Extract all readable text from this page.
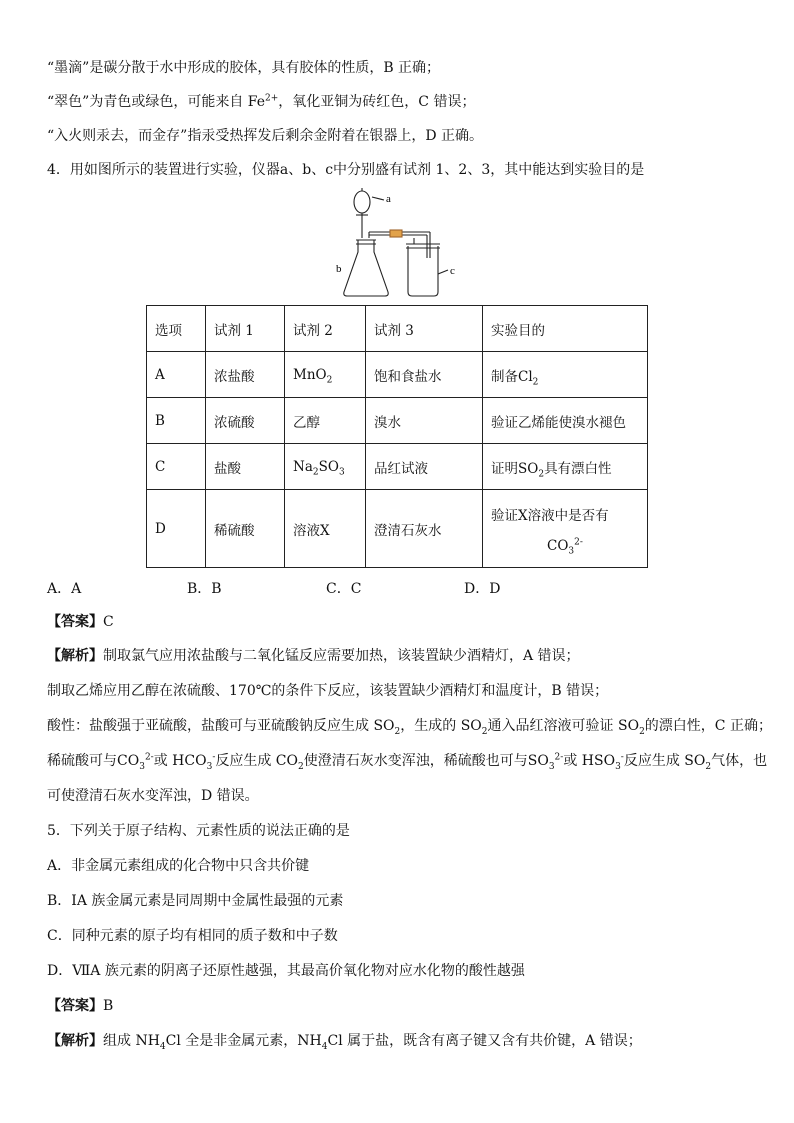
“墨滴”是碳分散于水中形成的胶体，具有胶体的性质，B 正确；
“翠色”为青色或绿色，可能来自 $Fe^{2+}$，氧化亚铜为砖红色，C 错误；
“入火则汞去，而金存”指汞受热挥发后剩余金附着在银器上，D 正确。
4．用如图所示的装置进行实验，仪器a、b、c中分别盛有试剂 1、2、3，其中能达到实验目的是
a
b	c
选项	试剂 1	试剂 2	试剂 3	实验目的
A	浓盐酸	MnO$_2$	饱和食盐水	制备$Cl_2$
B	浓硫酸	乙醇	溴水	验证乙烯能使溴水褪色
C	盐酸	$Na_2SO_3$	品红试液	证明$SO_2$具有漂白性
D	稀硫酸	溶液X	澄清石灰水	验证X溶液中是否有
$CO_3^{2-}$
A．A	B．B	C．C	D．D
【答案】C
【解析】制取氯气应用浓盐酸与二氧化锰反应需要加热，该装置缺少酒精灯，A 错误；
制取乙烯应用乙醇在浓硫酸、170℃的条件下反应，该装置缺少酒精灯和温度计，B 错误；
酸性：盐酸强于亚硫酸，盐酸可与亚硫酸钠反应生成 $SO_2$，生成的 $SO_2$通入品红溶液可验证 $SO_2$的漂白性，C 正确；
稀硫酸可与$CO_3^{2-}$或 $HCO_3^-$反应生成 $CO_2$使澄清石灰水变浑浊，稀硫酸也可与$SO_3^{2-}$或 $HSO_3^-$反应生成 $SO_2$气体，也
可使澄清石灰水变浑浊，D 错误。
5．下列关于原子结构、元素性质的说法正确的是
A．非金属元素组成的化合物中只含共价键
B．ⅠA 族金属元素是同周期中金属性最强的元素
C．同种元素的原子均有相同的质子数和中子数
D．ⅦA 族元素的阴离子还原性越强，其最高价氧化物对应水化物的酸性越强
【答案】B
【解析】组成 $NH_4Cl$ 全是非金属元素，$NH_4Cl$ 属于盐，既含有离子键又含有共价键，A 错误；
